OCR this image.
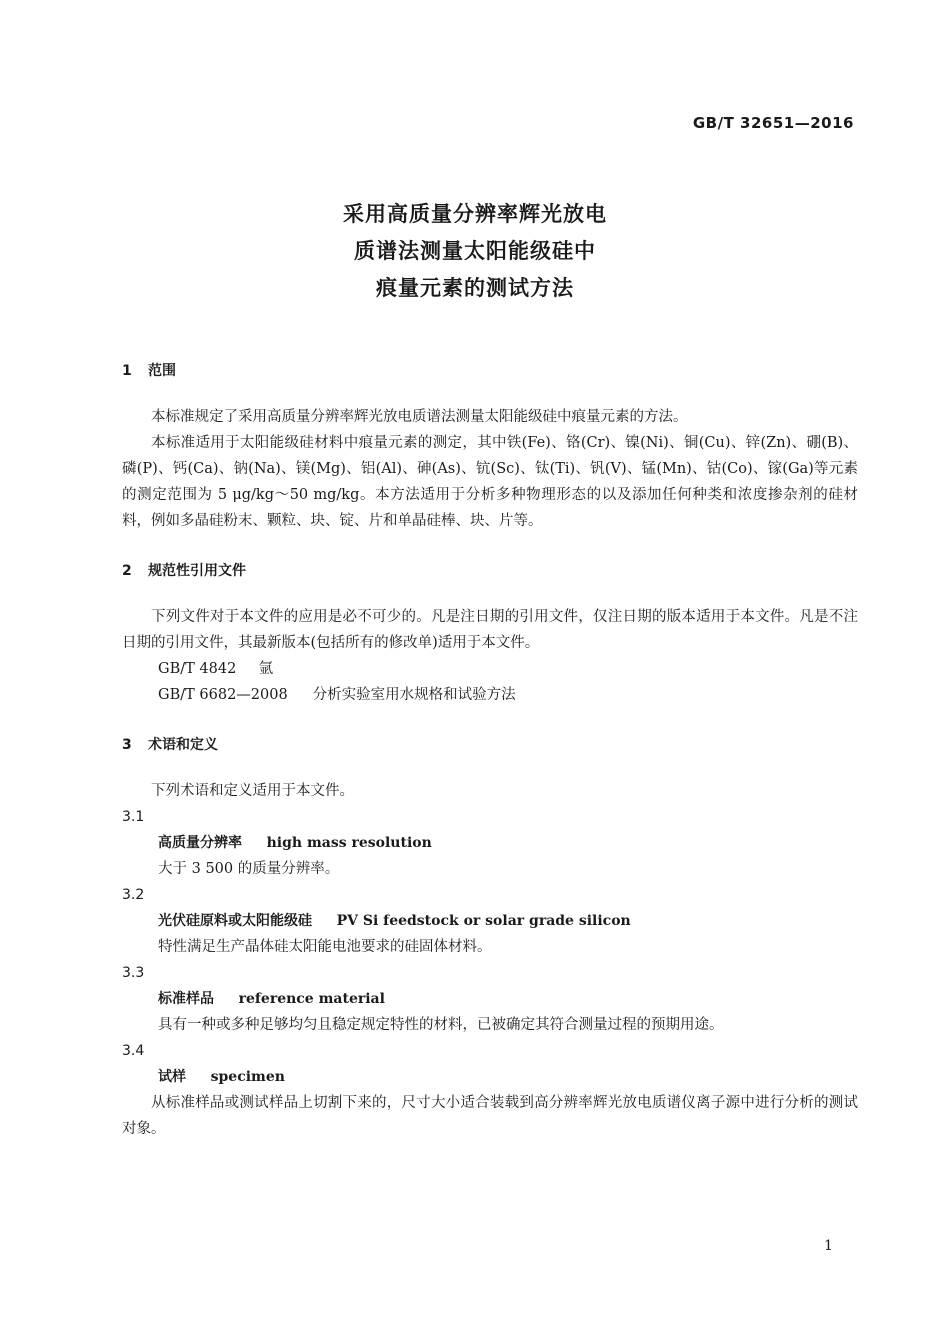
GB/T 32651—2016
采用高质量分辨率辉光放电
质谱法测量太阳能级硅中
痕量元素的测试方法
1 范围

本标准规定了采用高质量分辨率辉光放电质谱法测量太阳能级硅中痕量元素的方法。

本标准适用于太阳能级硅材料中痕量元素的测定，其中铁(Fe)、铬(Cr)、镍(Ni)、铜(Cu)、锌(Zn)、硼(B)、磷(P)、钙(Ca)、钠(Na)、镁(Mg)、铝(Al)、砷(As)、钪(Sc)、钛(Ti)、钒(V)、锰(Mn)、钴(Co)、镓(Ga)等元素的测定范围为 5 μg/kg～50 mg/kg。本方法适用于分析多种物理形态的以及添加任何种类和浓度掺杂剂的硅材料，例如多晶硅粉末、颗粒、块、锭、片和单晶硅棒、块、片等。

2 规范性引用文件

下列文件对于本文件的应用是必不可少的。凡是注日期的引用文件，仅注日期的版本适用于本文件。凡是不注日期的引用文件，其最新版本(包括所有的修改单)适用于本文件。

GB/T 4842 氩
GB/T 6682—2008 分析实验室用水规格和试验方法
3 术语和定义

下列术语和定义适用于本文件。

3.1
高质量分辨率 high mass resolution
大于 3 500 的质量分辨率。
3.2
光伏硅原料或太阳能级硅 PV Si feedstock or solar grade silicon
特性满足生产晶体硅太阳能电池要求的硅固体材料。
3.3
标准样品 reference material
具有一种或多种足够均匀且稳定规定特性的材料，已被确定其符合测量过程的预期用途。
3.4
试样 specimen

从标准样品或测试样品上切割下来的，尺寸大小适合装载到高分辨率辉光放电质谱仪离子源中进行分析的测试对象。

1
